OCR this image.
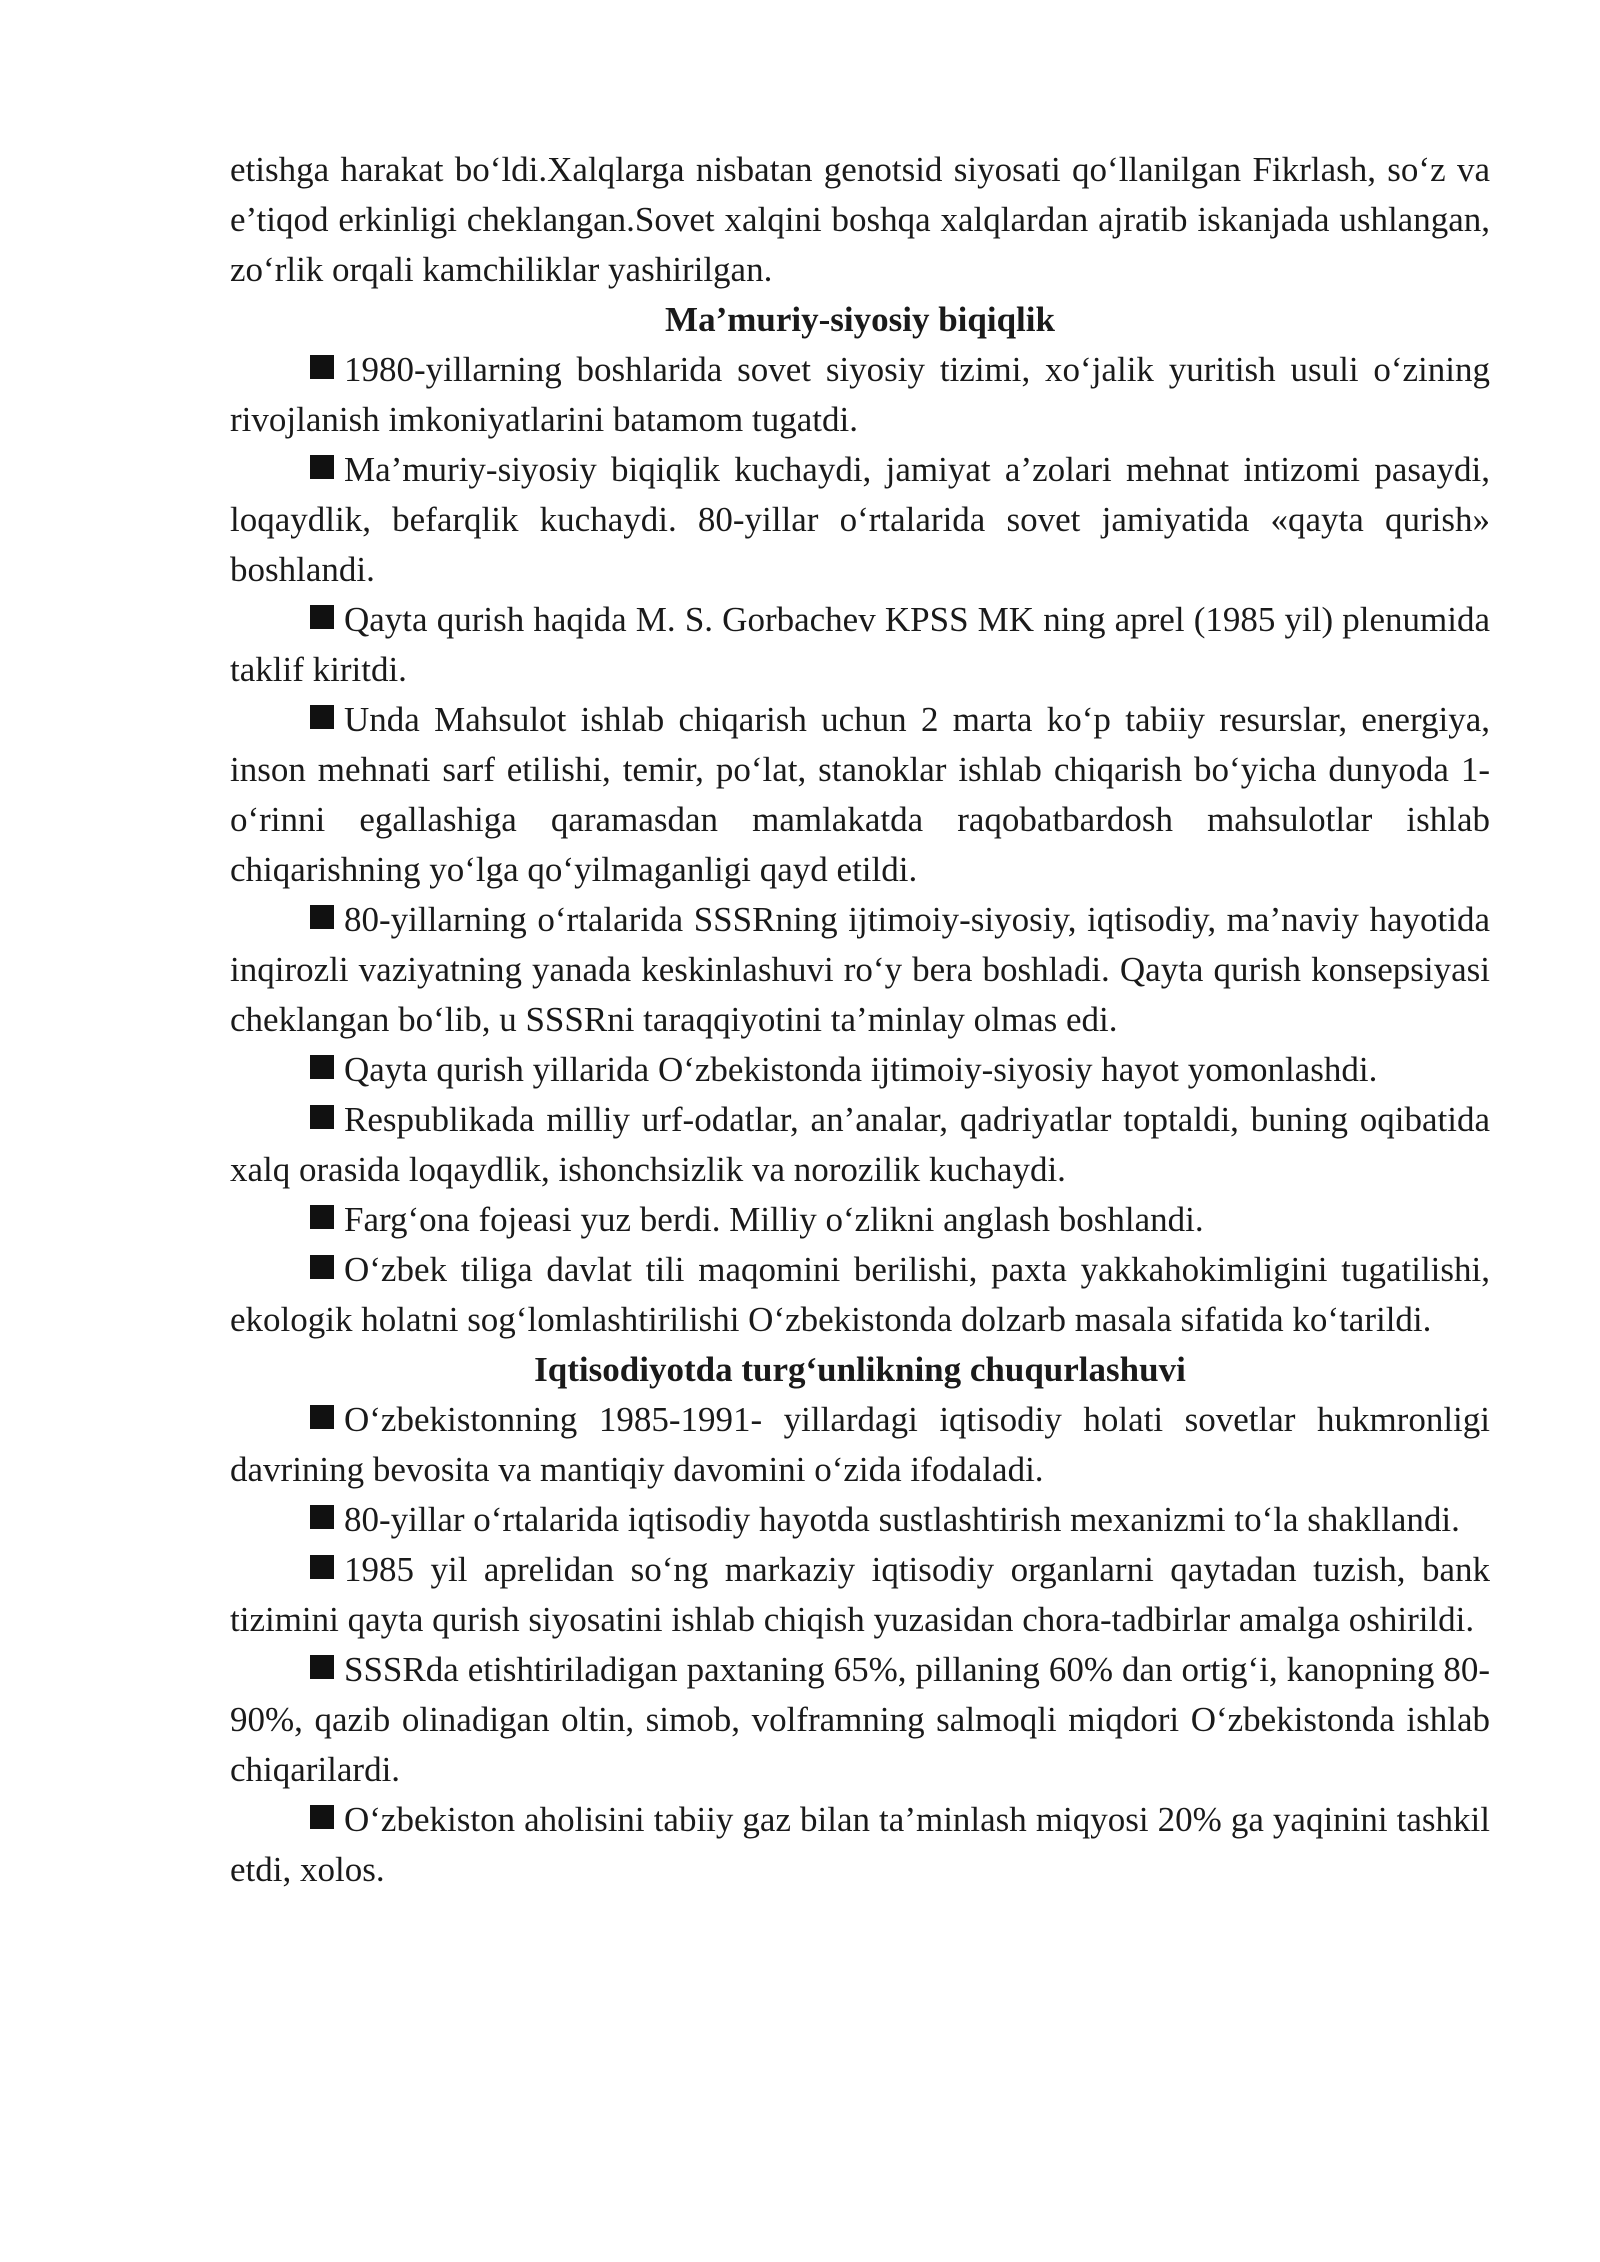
etishga harakat bo‘ldi.Xalqlarga nisbatan genotsid siyosati qo‘llanilgan Fikrlash, so‘z va e’tiqod erkinligi cheklangan.Sovet xalqini boshqa xalqlardan ajratib iskanjada ushlangan, zo‘rlik orqali kamchiliklar yashirilgan.

Ma’muriy-siyosiy biqiqlik

1980-yillarning boshlarida sovet siyosiy tizimi, xo‘jalik yuritish usuli o‘zining rivojlanish imkoniyatlarini batamom tugatdi.

Ma’muriy-siyosiy biqiqlik kuchaydi, jamiyat a’zolari mehnat intizomi pasaydi, loqaydlik, befarqlik kuchaydi. 80-yillar o‘rtalarida sovet jamiyatida «qayta qurish» boshlandi.

Qayta qurish haqida M. S. Gorbachev KPSS MK ning aprel (1985 yil) plenumida taklif kiritdi.

Unda Mahsulot ishlab chiqarish uchun 2 marta ko‘p tabiiy resurslar, energiya, inson mehnati sarf etilishi, temir, po‘lat, stanoklar ishlab chiqarish bo‘yicha dunyoda 1-o‘rinni egallashiga qaramasdan mamlakatda raqobatbardosh mahsulotlar ishlab chiqarishning yo‘lga qo‘yilmaganligi qayd etildi.

80-yillarning o‘rtalarida SSSRning ijtimoiy-siyosiy, iqtisodiy, ma’naviy hayotida inqirozli vaziyatning yanada keskinlashuvi ro‘y bera boshladi. Qayta qurish konsepsiyasi cheklangan bo‘lib, u SSSRni taraqqiyotini ta’minlay olmas edi.

Qayta qurish yillarida O‘zbekistonda ijtimoiy-siyosiy hayot yomonlashdi.

Respublikada milliy urf-odatlar, an’analar, qadriyatlar toptaldi, buning oqibatida xalq orasida loqaydlik, ishonchsizlik va norozilik kuchaydi.

Farg‘ona fojeasi yuz berdi. Milliy o‘zlikni anglash boshlandi.

O‘zbek tiliga davlat tili maqomini berilishi, paxta yakkahokimligini tugatilishi, ekologik holatni sog‘lomlashtirilishi O‘zbekistonda dolzarb masala sifatida ko‘tarildi.

Iqtisodiyotda turg‘unlikning chuqurlashuvi

O‘zbekistonning 1985-1991- yillardagi iqtisodiy holati sovetlar hukmronligi davrining bevosita va mantiqiy davomini o‘zida ifodaladi.

80-yillar o‘rtalarida iqtisodiy hayotda sustlashtirish mexanizmi to‘la shakllandi.

1985 yil aprelidan so‘ng markaziy iqtisodiy organlarni qaytadan tuzish, bank tizimini qayta qurish siyosatini ishlab chiqish yuzasidan chora-tadbirlar amalga oshirildi.

SSSRda etishtiriladigan paxtaning 65%, pillaning 60% dan ortig‘i, kanopning 80-90%, qazib olinadigan oltin, simob, volframning salmoqli miqdori O‘zbekistonda ishlab chiqarilardi.

O‘zbekiston aholisini tabiiy gaz bilan ta’minlash miqyosi 20% ga yaqinini tashkil etdi, xolos.
